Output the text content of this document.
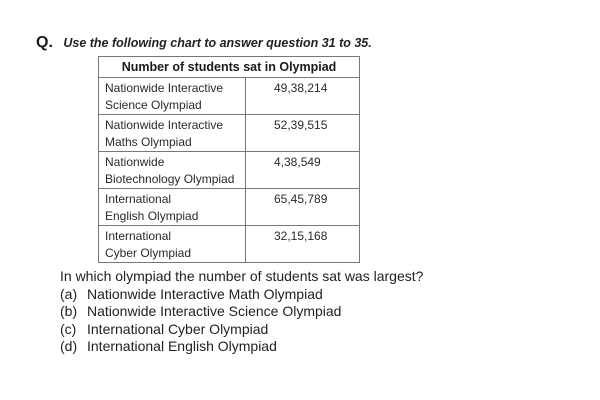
Q. Use the following chart to answer question 31 to 35.
Number of students sat in Olympiad	
Nationwide Interactive
Science Olympiad	49,38,214
Nationwide Interactive
Maths Olympiad	52,39,515
Nationwide
Biotechnology Olympiad	4,38,549
International
English Olympiad	65,45,789
International
Cyber Olympiad	32,15,168
In which olympiad the number of students sat was largest?
(a) Nationwide Interactive Math Olympiad
(b) Nationwide Interactive Science Olympiad
(c) International Cyber Olympiad
(d) International English Olympiad
